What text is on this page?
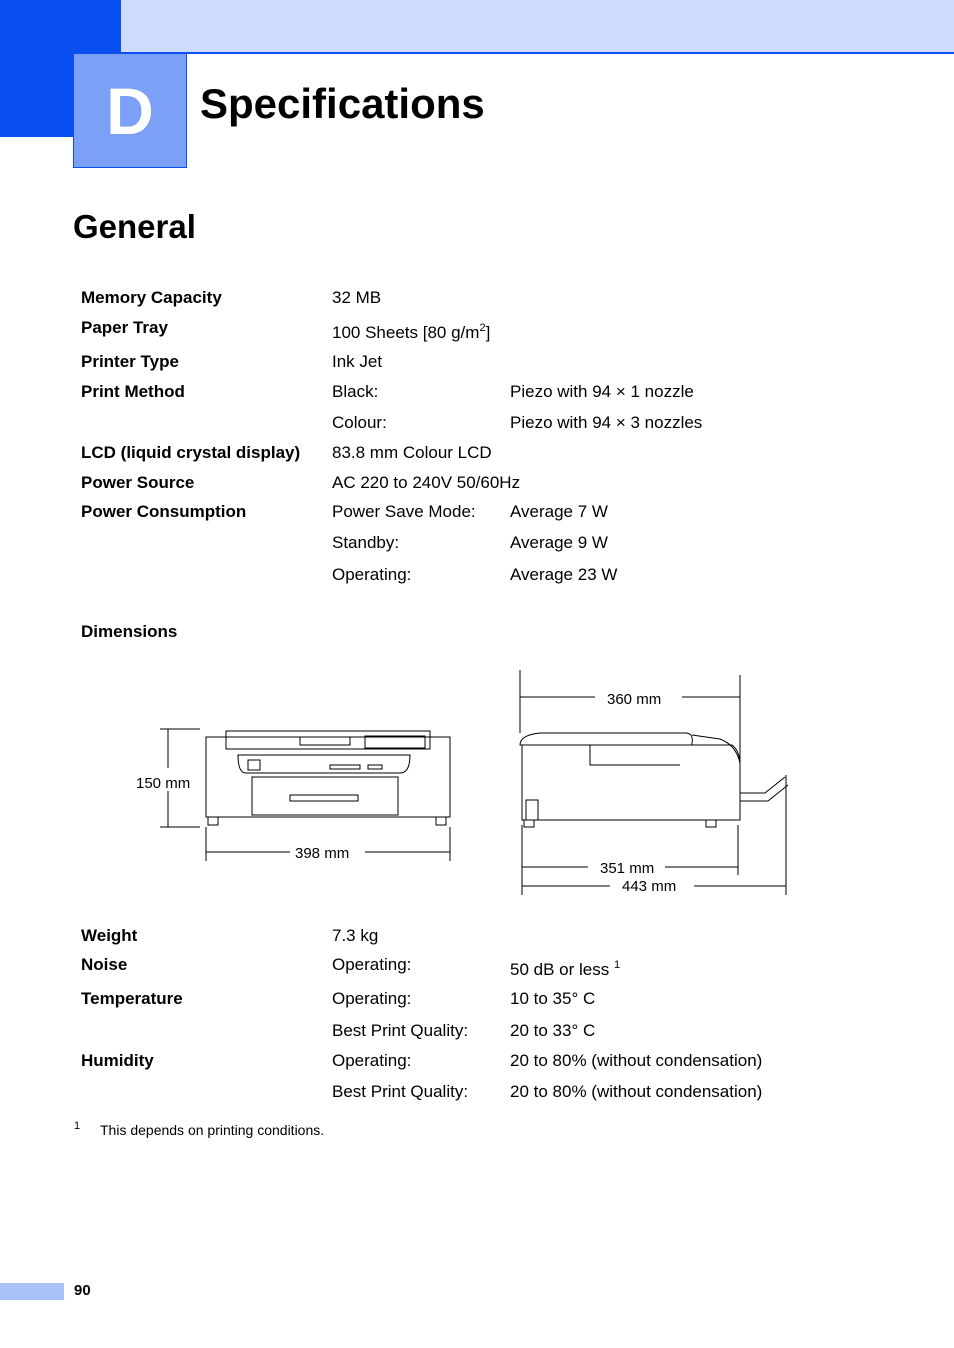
D	Specifications
General
Memory Capacity	32 MB
Paper Tray	100 Sheets [80 $g/m^2$]
Printer Type	Ink Jet
Print Method	Black:	Piezo with 94 × 1 nozzle
Colour:	Piezo with 94 × 3 nozzles
LCD (liquid crystal display) 83.8 mm Colour LCD
Power Source	AC 220 to 240V 50/60Hz
Power Consumption	Power Save Mode: Average 7 W
Standby:	Average 9 W
Operating:	Average 23 W
Dimensions
150 mm
398 mm
360 mm
351 mm
443 mm
Weight	7.3 kg
Noise	Operating:	50 dB or less $^1$
Temperature	Operating:	10 to 35° C
Best Print Quality: 20 to 33° C
Humidity	Operating:	20 to 80% (without condensation)
Best Print Quality: 20 to 80% (without condensation)
1 This depends on printing conditions.
90
